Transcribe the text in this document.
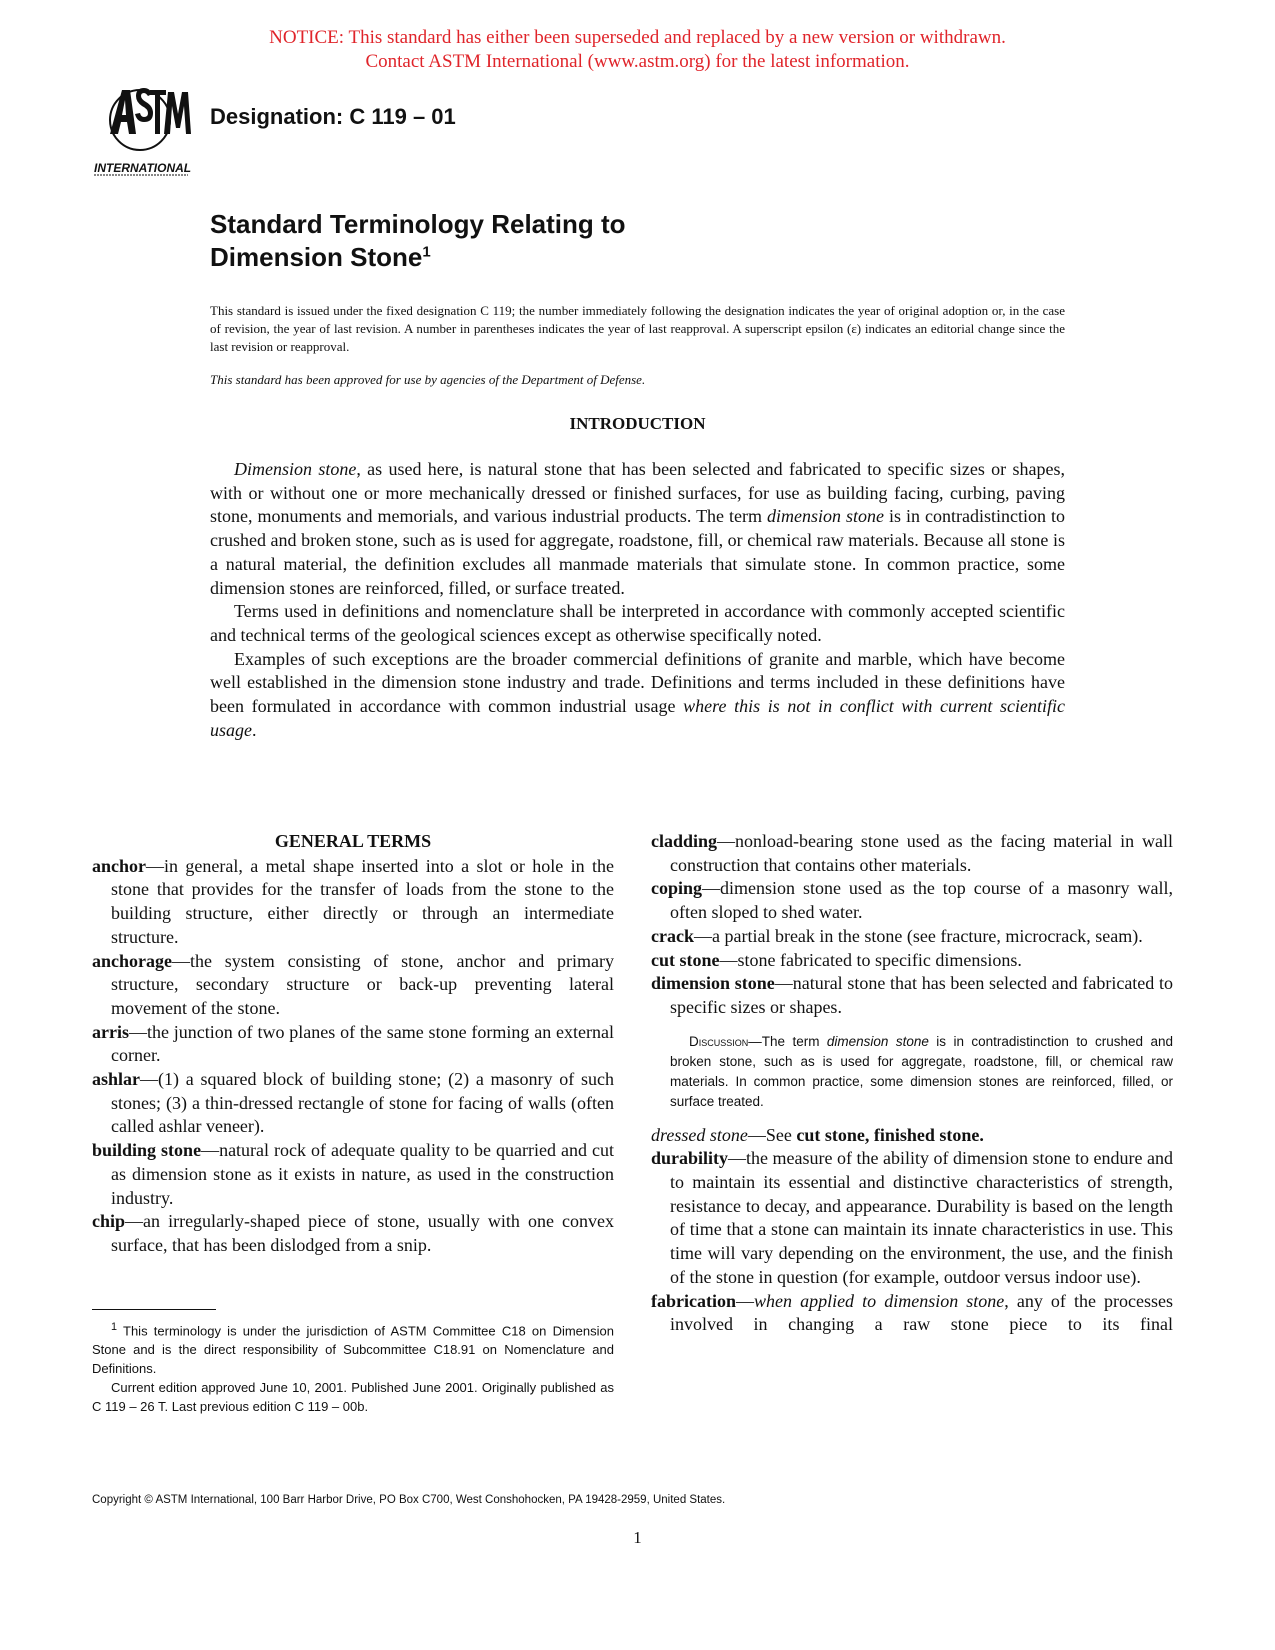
NOTICE: This standard has either been superseded and replaced by a new version or withdrawn.
Contact ASTM International (www.astm.org) for the latest information.
INTERNATIONAL
Designation: C 119 – 01
Standard Terminology Relating to
Dimension Stone$^1$
This standard is issued under the fixed designation C 119; the number immediately following the designation indicates the year of original adoption or, in the case of revision, the year of last revision. A number in parentheses indicates the year of last reapproval. A superscript epsilon (ε) indicates an editorial change since the last revision or reapproval.
This standard has been approved for use by agencies of the Department of Defense.
INTRODUCTION

Dimension stone, as used here, is natural stone that has been selected and fabricated to specific sizes or shapes, with or without one or more mechanically dressed or finished surfaces, for use as building facing, curbing, paving stone, monuments and memorials, and various industrial products. The term dimension stone is in contradistinction to crushed and broken stone, such as is used for aggregate, roadstone, fill, or chemical raw materials. Because all stone is a natural material, the definition excludes all manmade materials that simulate stone. In common practice, some dimension stones are reinforced, filled, or surface treated.

Terms used in definitions and nomenclature shall be interpreted in accordance with commonly accepted scientific and technical terms of the geological sciences except as otherwise specifically noted.

Examples of such exceptions are the broader commercial definitions of granite and marble, which have become well established in the dimension stone industry and trade. Definitions and terms included in these definitions have been formulated in accordance with common industrial usage where this is not in conflict with current scientific usage.

GENERAL TERMS

anchor—in general, a metal shape inserted into a slot or hole in the stone that provides for the transfer of loads from the stone to the building structure, either directly or through an intermediate structure.

anchorage—the system consisting of stone, anchor and primary structure, secondary structure or back-up preventing lateral movement of the stone.

arris—the junction of two planes of the same stone forming an external corner.

ashlar—(1) a squared block of building stone; (2) a masonry of such stones; (3) a thin-dressed rectangle of stone for facing of walls (often called ashlar veneer).

building stone—natural rock of adequate quality to be quarried and cut as dimension stone as it exists in nature, as used in the construction industry.

chip—an irregularly-shaped piece of stone, usually with one convex surface, that has been dislodged from a snip.

cladding—nonload-bearing stone used as the facing material in wall construction that contains other materials.

coping—dimension stone used as the top course of a masonry wall, often sloped to shed water.

crack—a partial break in the stone (see fracture, microcrack, seam).

cut stone—stone fabricated to specific dimensions.

dimension stone—natural stone that has been selected and fabricated to specific sizes or shapes.

Discussion—The term dimension stone is in contradistinction to crushed and broken stone, such as is used for aggregate, roadstone, fill, or chemical raw materials. In common practice, some dimension stones are reinforced, filled, or surface treated.

dressed stone—See cut stone, finished stone.

durability—the measure of the ability of dimension stone to endure and to maintain its essential and distinctive characteristics of strength, resistance to decay, and appearance. Durability is based on the length of time that a stone can maintain its innate characteristics in use. This time will vary depending on the environment, the use, and the finish of the stone in question (for example, outdoor versus indoor use).

fabrication—when applied to dimension stone, any of the processes involved in changing a raw stone piece to its final

$^1$ This terminology is under the jurisdiction of ASTM Committee C18 on Dimension Stone and is the direct responsibility of Subcommittee C18.91 on Nomenclature and Definitions.

Current edition approved June 10, 2001. Published June 2001. Originally published as C 119 – 26 T. Last previous edition C 119 – 00b.

Copyright © ASTM International, 100 Barr Harbor Drive, PO Box C700, West Conshohocken, PA 19428-2959, United States.
1
